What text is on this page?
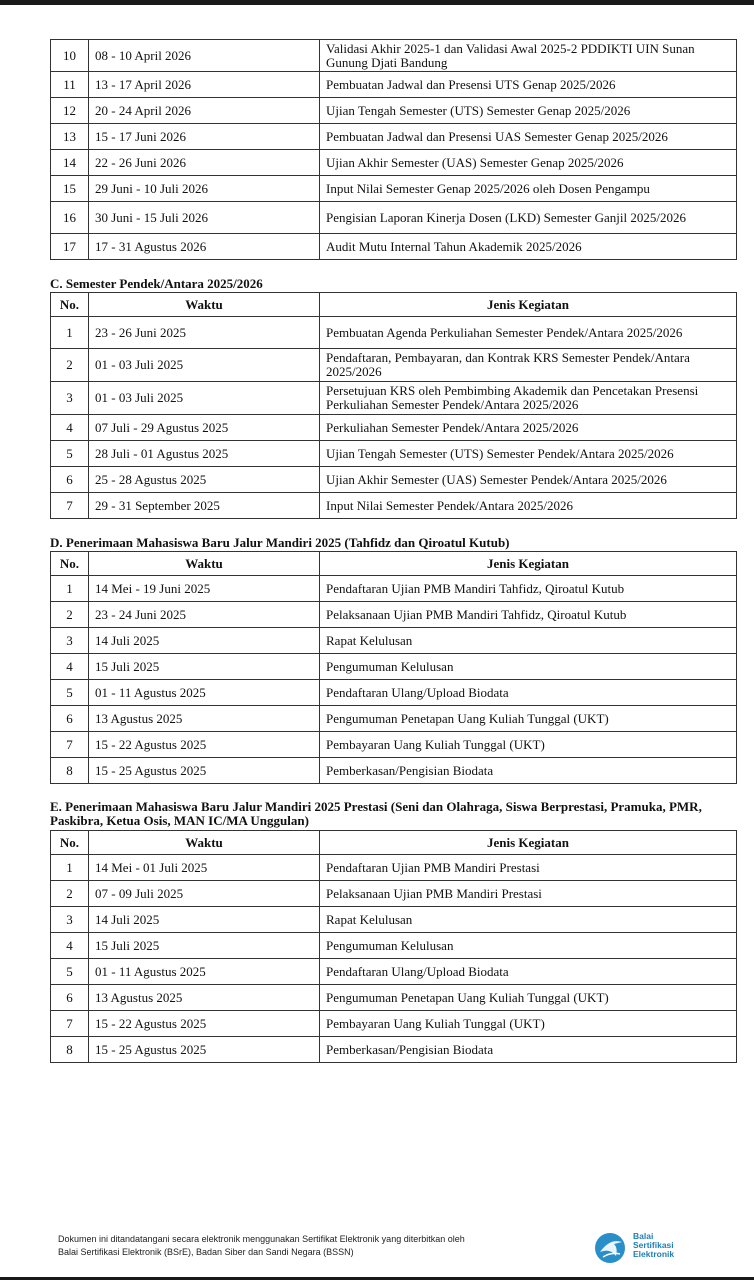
10	08 - 10 April 2026	Validasi Akhir 2025-1 dan Validasi Awal 2025-2 PDDIKTI UIN Sunan Gunung Djati Bandung
11	13 - 17 April 2026	Pembuatan Jadwal dan Presensi UTS Genap 2025/2026
12	20 - 24 April 2026	Ujian Tengah Semester (UTS) Semester Genap 2025/2026
13	15 - 17 Juni 2026	Pembuatan Jadwal dan Presensi UAS Semester Genap 2025/2026
14	22 - 26 Juni 2026	Ujian Akhir Semester (UAS) Semester Genap 2025/2026
15	29 Juni - 10 Juli 2026	Input Nilai Semester Genap 2025/2026 oleh Dosen Pengampu
16	30 Juni - 15 Juli 2026	Pengisian Laporan Kinerja Dosen (LKD) Semester Ganjil 2025/2026
17	17 - 31 Agustus 2026	Audit Mutu Internal Tahun Akademik 2025/2026
C. Semester Pendek/Antara 2025/2026
No.	Waktu	Jenis Kegiatan
1	23 - 26 Juni 2025	Pembuatan Agenda Perkuliahan Semester Pendek/Antara 2025/2026
2	01 - 03 Juli 2025	Pendaftaran, Pembayaran, dan Kontrak KRS Semester Pendek/Antara 2025/2026
3	01 - 03 Juli 2025	Persetujuan KRS oleh Pembimbing Akademik dan Pencetakan Presensi Perkuliahan Semester Pendek/Antara 2025/2026
4	07 Juli - 29 Agustus 2025	Perkuliahan Semester Pendek/Antara 2025/2026
5	28 Juli - 01 Agustus 2025	Ujian Tengah Semester (UTS) Semester Pendek/Antara 2025/2026
6	25 - 28 Agustus 2025	Ujian Akhir Semester (UAS) Semester Pendek/Antara 2025/2026
7	29 - 31 September 2025	Input Nilai Semester Pendek/Antara 2025/2026
D. Penerimaan Mahasiswa Baru Jalur Mandiri 2025 (Tahfidz dan Qiroatul Kutub)
No.	Waktu	Jenis Kegiatan
1	14 Mei - 19 Juni 2025	Pendaftaran Ujian PMB Mandiri Tahfidz, Qiroatul Kutub
2	23 - 24 Juni 2025	Pelaksanaan Ujian PMB Mandiri Tahfidz, Qiroatul Kutub
3	14 Juli 2025	Rapat Kelulusan
4	15 Juli 2025	Pengumuman Kelulusan
5	01 - 11 Agustus 2025	Pendaftaran Ulang/Upload Biodata
6	13 Agustus 2025	Pengumuman Penetapan Uang Kuliah Tunggal (UKT)
7	15 - 22 Agustus 2025	Pembayaran Uang Kuliah Tunggal (UKT)
8	15 - 25 Agustus 2025	Pemberkasan/Pengisian Biodata
E. Penerimaan Mahasiswa Baru Jalur Mandiri 2025 Prestasi (Seni dan Olahraga, Siswa Berprestasi, Pramuka, PMR, Paskibra, Ketua Osis, MAN IC/MA Unggulan)
No.	Waktu	Jenis Kegiatan
1	14 Mei - 01 Juli 2025	Pendaftaran Ujian PMB Mandiri Prestasi
2	07 - 09 Juli 2025	Pelaksanaan Ujian PMB Mandiri Prestasi
3	14 Juli 2025	Rapat Kelulusan
4	15 Juli 2025	Pengumuman Kelulusan
5	01 - 11 Agustus 2025	Pendaftaran Ulang/Upload Biodata
6	13 Agustus 2025	Pengumuman Penetapan Uang Kuliah Tunggal (UKT)
7	15 - 22 Agustus 2025	Pembayaran Uang Kuliah Tunggal (UKT)
8	15 - 25 Agustus 2025	Pemberkasan/Pengisian Biodata
Dokumen ini ditandatangani secara elektronik menggunakan Sertifikat Elektronik yang diterbitkan oleh
Balai Sertifikasi Elektronik (BSrE), Badan Siber dan Sandi Negara (BSSN)
Balai
Sertifikasi
Elektronik
